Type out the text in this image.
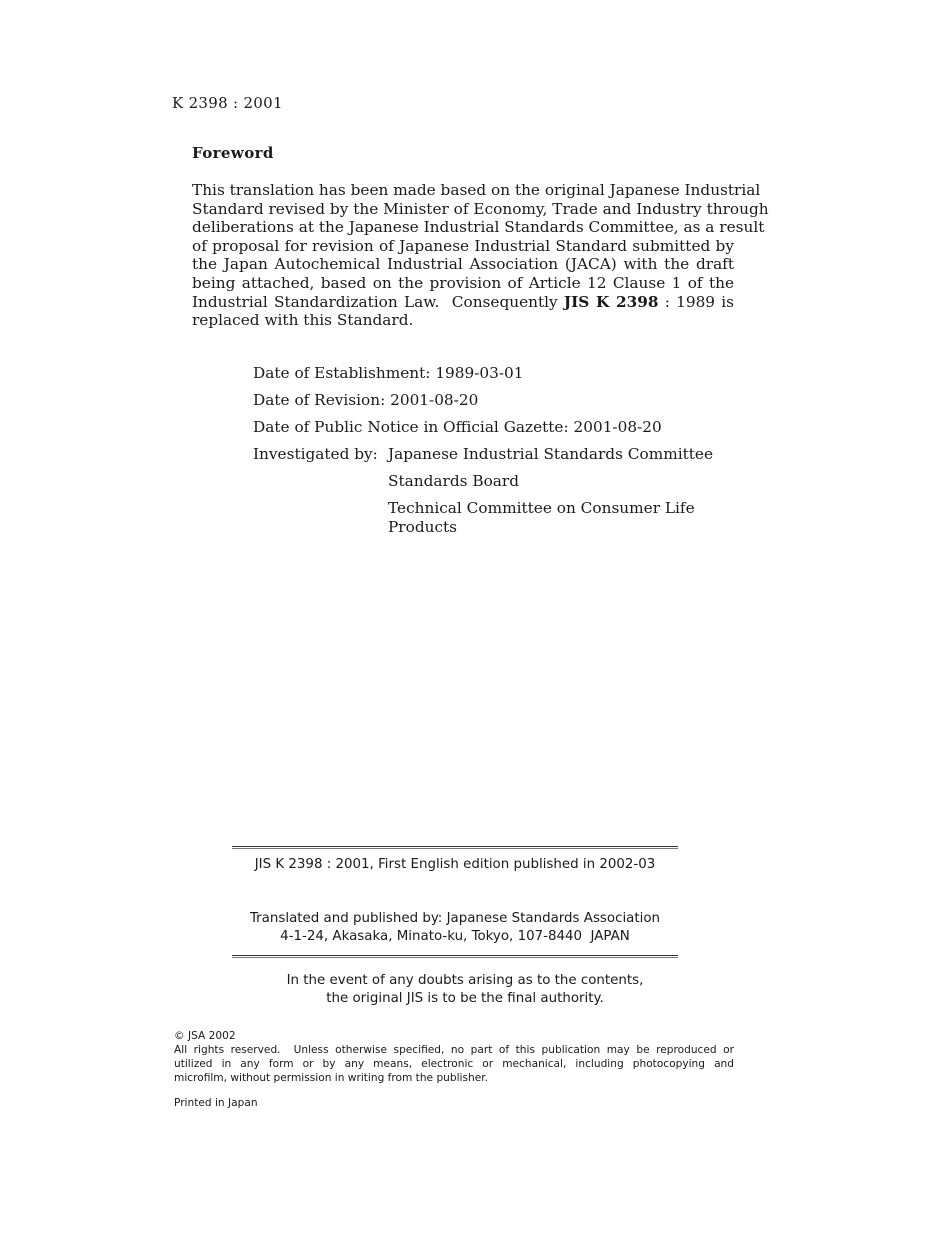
K 2398 : 2001
Foreword
This translation has been made based on the original Japanese Industrial
Standard revised by the Minister of Economy, Trade and Industry through
deliberations at the Japanese Industrial Standards Committee, as a result
of proposal for revision of Japanese Industrial Standard submitted by
the Japan Autochemical Industrial Association (JACA) with the draft
being attached, based on the provision of Article 12 Clause 1 of the
Industrial Standardization Law.  Consequently JIS K 2398 : 1989 is
replaced with this Standard.
Date of Establishment: 1989-03-01
Date of Revision: 2001-08-20
Date of Public Notice in Official Gazette: 2001-08-20
Investigated by: Japanese Industrial Standards Committee
Standards Board
Technical Committee on Consumer Life Products
JIS K 2398 : 2001, First English edition published in 2002-03
Translated and published by: Japanese Standards Association
4-1-24, Akasaka, Minato-ku, Tokyo, 107-8440  JAPAN
In the event of any doubts arising as to the contents,
the original JIS is to be the final authority.
© JSA 2002
All rights reserved.  Unless otherwise specified, no part of this publication may be reproduced or
utilized in any form or by any means, electronic or mechanical, including photocopying and
microfilm, without permission in writing from the publisher.
Printed in Japan
